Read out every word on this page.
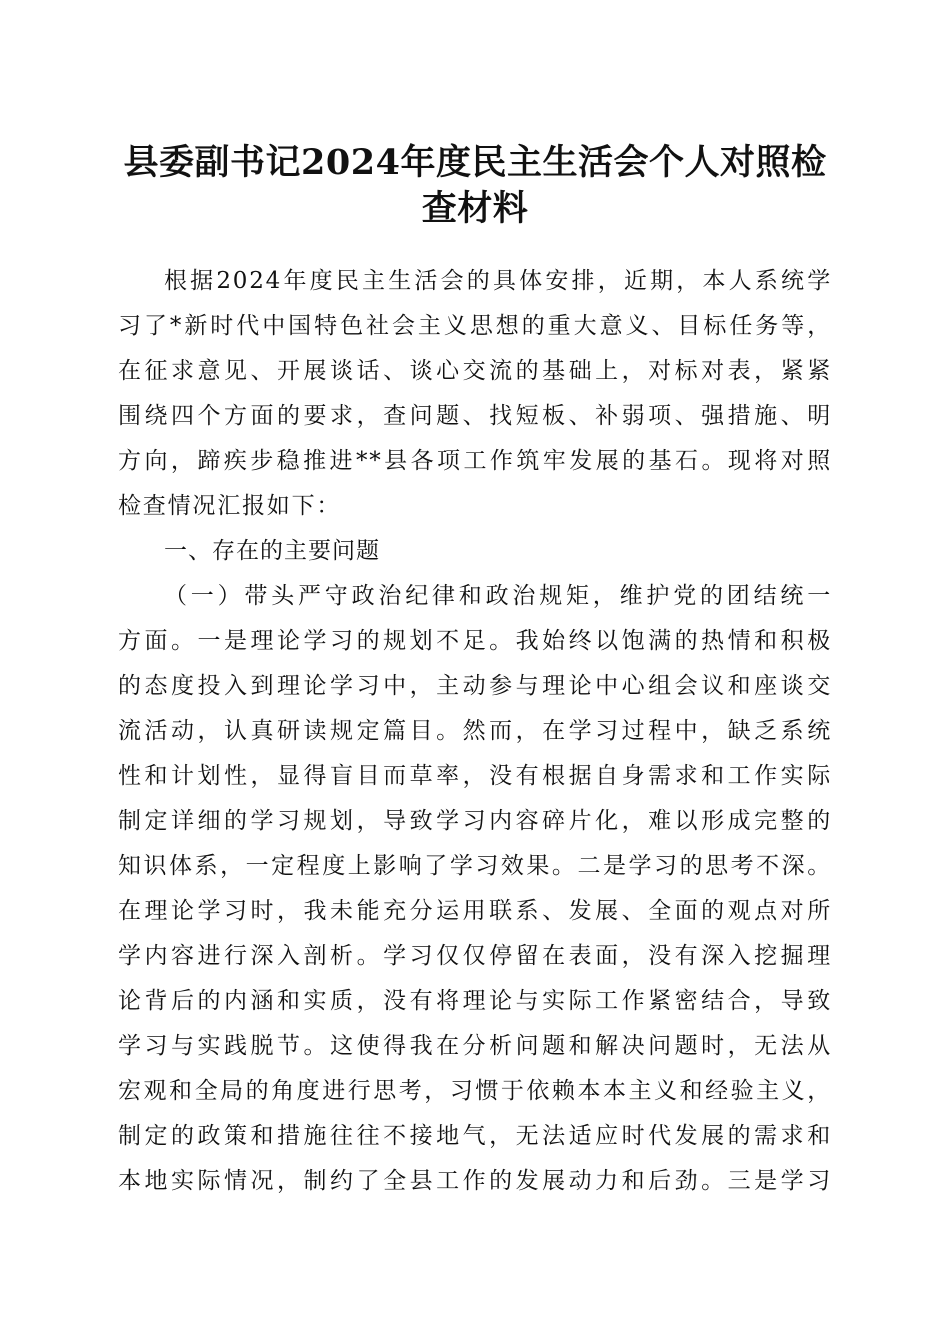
县委副书记2024年度民主生活会个人对照检
查材料

根据2024年度民主生活会的具体安排，近期，本人系统学
习了*新时代中国特色社会主义思想的重大意义、目标任务等，
在征求意见、开展谈话、谈心交流的基础上，对标对表，紧紧
围绕四个方面的要求，查问题、找短板、补弱项、强措施、明
方向，蹄疾步稳推进**县各项工作筑牢发展的基石。现将对照
检查情况汇报如下：

一、存在的主要问题

（一）带头严守政治纪律和政治规矩，维护党的团结统一
方面。一是理论学习的规划不足。我始终以饱满的热情和积极
的态度投入到理论学习中，主动参与理论中心组会议和座谈交
流活动，认真研读规定篇目。然而，在学习过程中，缺乏系统
性和计划性，显得盲目而草率，没有根据自身需求和工作实际
制定详细的学习规划，导致学习内容碎片化，难以形成完整的
知识体系，一定程度上影响了学习效果。二是学习的思考不深。
在理论学习时，我未能充分运用联系、发展、全面的观点对所
学内容进行深入剖析。学习仅仅停留在表面，没有深入挖掘理
论背后的内涵和实质，没有将理论与实际工作紧密结合，导致
学习与实践脱节。这使得我在分析问题和解决问题时，无法从
宏观和全局的角度进行思考，习惯于依赖本本主义和经验主义，
制定的政策和措施往往不接地气，无法适应时代发展的需求和
本地实际情况，制约了全县工作的发展动力和后劲。三是学习
